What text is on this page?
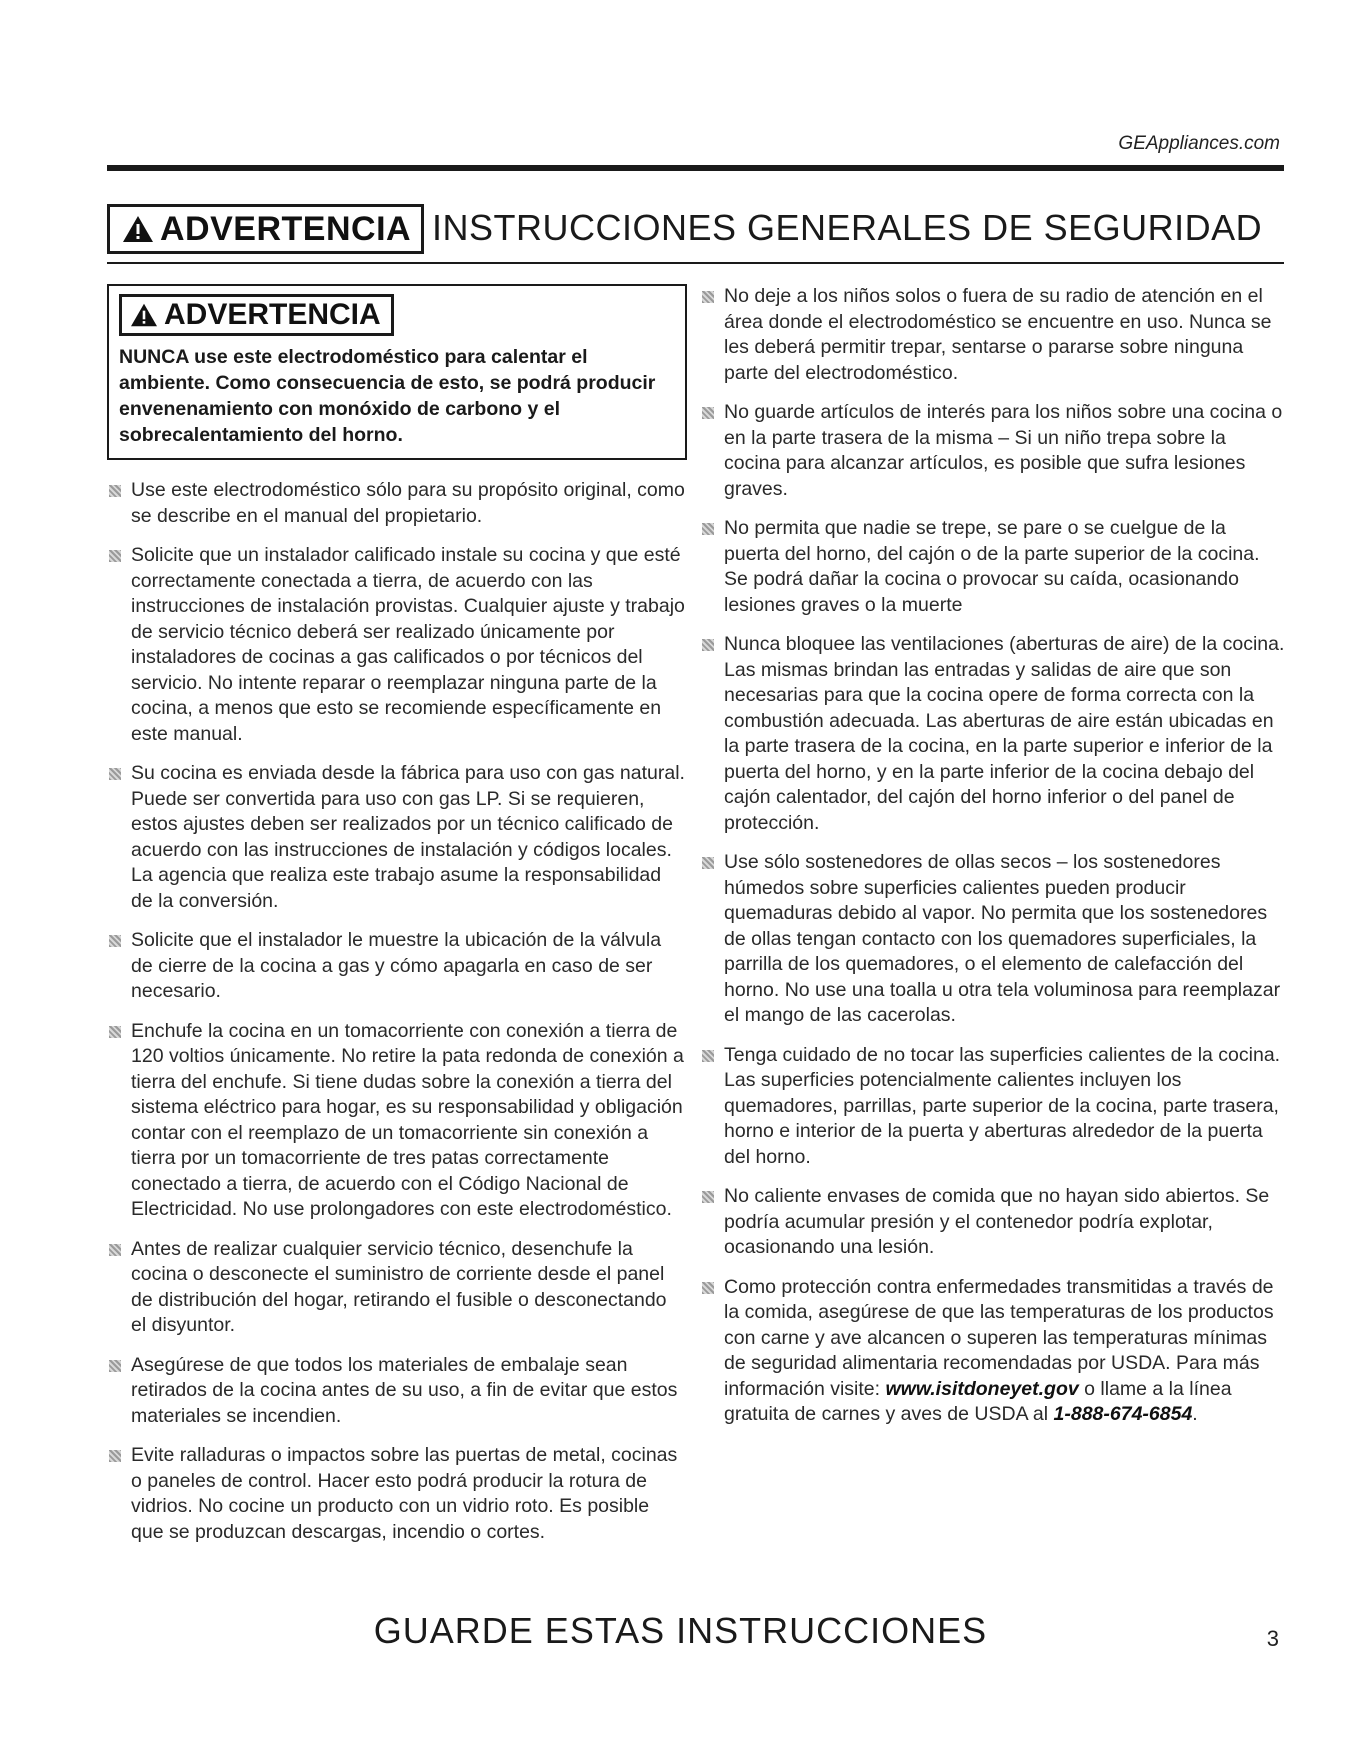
GEAppliances.com
ADVERTENCIA INSTRUCCIONES GENERALES DE SEGURIDAD
ADVERTENCIA
NUNCA use este electrodoméstico para calentar el ambiente. Como consecuencia de esto, se podrá producir envenenamiento con monóxido de carbono y el sobrecalentamiento del horno.
Use este electrodoméstico sólo para su propósito original, como se describe en el manual del propietario.
Solicite que un instalador calificado instale su cocina y que esté correctamente conectada a tierra, de acuerdo con las instrucciones de instalación provistas. Cualquier ajuste y trabajo de servicio técnico deberá ser realizado únicamente por instaladores de cocinas a gas calificados o por técnicos del servicio. No intente reparar o reemplazar ninguna parte de la cocina, a menos que esto se recomiende específicamente en este manual.
Su cocina es enviada desde la fábrica para uso con gas natural. Puede ser convertida para uso con gas LP. Si se requieren, estos ajustes deben ser realizados por un técnico calificado de acuerdo con las instrucciones de instalación y códigos locales. La agencia que realiza este trabajo asume la responsabilidad de la conversión.
Solicite que el instalador le muestre la ubicación de la válvula de cierre de la cocina a gas y cómo apagarla en caso de ser necesario.
Enchufe la cocina en un tomacorriente con conexión a tierra de 120 voltios únicamente. No retire la pata redonda de conexión a tierra del enchufe. Si tiene dudas sobre la conexión a tierra del sistema eléctrico para hogar, es su responsabilidad y obligación contar con el reemplazo de un tomacorriente sin conexión a tierra por un tomacorriente de tres patas correctamente conectado a tierra, de acuerdo con el Código Nacional de Electricidad. No use prolongadores con este electrodoméstico.
Antes de realizar cualquier servicio técnico, desenchufe la cocina o desconecte el suministro de corriente desde el panel de distribución del hogar, retirando el fusible o desconectando el disyuntor.
Asegúrese de que todos los materiales de embalaje sean retirados de la cocina antes de su uso, a fin de evitar que estos materiales se incendien.
Evite ralladuras o impactos sobre las puertas de metal, cocinas o paneles de control. Hacer esto podrá producir la rotura de vidrios. No cocine un producto con un vidrio roto. Es posible que se produzcan descargas, incendio o cortes.
No deje a los niños solos o fuera de su radio de atención en el área donde el electrodoméstico se encuentre en uso. Nunca se les deberá permitir trepar, sentarse o pararse sobre ninguna parte del electrodoméstico.
No guarde artículos de interés para los niños sobre una cocina o en la parte trasera de la misma – Si un niño trepa sobre la cocina para alcanzar artículos, es posible que sufra lesiones graves.
No permita que nadie se trepe, se pare o se cuelgue de la puerta del horno, del cajón o de la parte superior de la cocina. Se podrá dañar la cocina o provocar su caída, ocasionando lesiones graves o la muerte
Nunca bloquee las ventilaciones (aberturas de aire) de la cocina. Las mismas brindan las entradas y salidas de aire que son necesarias para que la cocina opere de forma correcta con la combustión adecuada. Las aberturas de aire están ubicadas en la parte trasera de la cocina, en la parte superior e inferior de la puerta del horno, y en la parte inferior de la cocina debajo del cajón calentador, del cajón del horno inferior o del panel de protección.
Use sólo sostenedores de ollas secos – los sostenedores húmedos sobre superficies calientes pueden producir quemaduras debido al vapor. No permita que los sostenedores de ollas tengan contacto con los quemadores superficiales, la parrilla de los quemadores, o el elemento de calefacción del horno. No use una toalla u otra tela voluminosa para reemplazar el mango de las cacerolas.
Tenga cuidado de no tocar las superficies calientes de la cocina. Las superficies potencialmente calientes incluyen los quemadores, parrillas, parte superior de la cocina, parte trasera, horno e interior de la puerta y aberturas alrededor de la puerta del horno.
No caliente envases de comida que no hayan sido abiertos. Se podría acumular presión y el contenedor podría explotar, ocasionando una lesión.
Como protección contra enfermedades transmitidas a través de la comida, asegúrese de que las temperaturas de los productos con carne y ave alcancen o superen las temperaturas mínimas de seguridad alimentaria recomendadas por USDA. Para más información visite: www.isitdoneyet.gov o llame a la línea gratuita de carnes y aves de USDA al 1-888-674-6854.
GUARDE ESTAS INSTRUCCIONES	3
